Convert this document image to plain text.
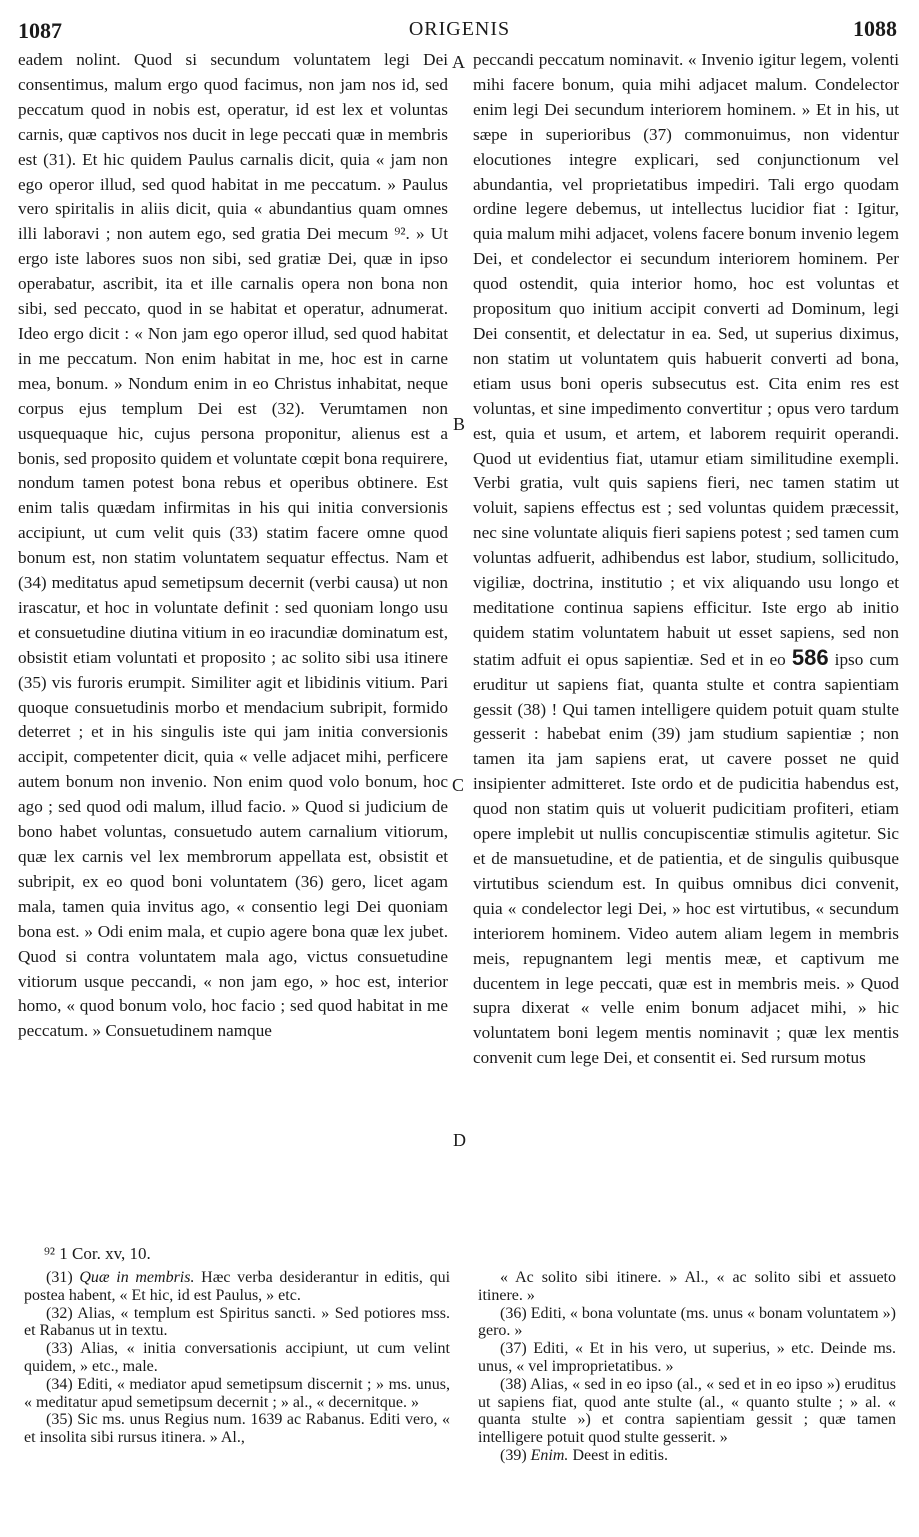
1087	ORIGENIS	1088

eadem nolint. Quod si secundum voluntatem legi Dei consentimus, malum ergo quod facimus, non jam nos id, sed peccatum quod in nobis est, operatur, id est lex et voluntas carnis, quæ captivos nos ducit in lege peccati quæ in membris est (31). Et hic quidem Paulus carnalis dicit, quia « jam non ego operor illud, sed quod habitat in me peccatum. » Paulus vero spiritalis in aliis dicit, quia « abundantius quam omnes illi laboravi ; non autem ego, sed gratia Dei mecum ⁹². » Ut ergo iste labores suos non sibi, sed gratiæ Dei, quæ in ipso operabatur, ascribit, ita et ille carnalis opera non bona non sibi, sed peccato, quod in se habitat et operatur, adnumerat. Ideo ergo dicit : « Non jam ego operor illud, sed quod habitat in me peccatum. Non enim habitat in me, hoc est in carne mea, bonum. » Nondum enim in eo Christus inhabitat, neque corpus ejus templum Dei est (32). Verumtamen non usquequaque hic, cujus persona proponitur, alienus est a bonis, sed proposito quidem et voluntate cœpit bona requirere, nondum tamen potest bona rebus et operibus obtinere. Est enim talis quædam infirmitas in his qui initia conversionis accipiunt, ut cum velit quis (33) statim facere omne quod bonum est, non statim voluntatem sequatur effectus. Nam et (34) meditatus apud semetipsum decernit (verbi causa) ut non irascatur, et hoc in voluntate definit : sed quoniam longo usu et consuetudine diutina vitium in eo iracundiæ dominatum est, obsistit etiam voluntati et proposito ; ac solito sibi usa itinere (35) vis furoris erumpit. Similiter agit et libidinis vitium. Pari quoque consuetudinis morbo et mendacium subripit, formido deterret ; et in his singulis iste qui jam initia conversionis accipit, competenter dicit, quia « velle adjacet mihi, perficere autem bonum non invenio. Non enim quod volo bonum, hoc ago ; sed quod odi malum, illud facio. » Quod si judicium de bono habet voluntas, consuetudo autem carnalium vitiorum, quæ lex carnis vel lex membrorum appellata est, obsistit et subripit, ex eo quod boni voluntatem (36) gero, licet agam mala, tamen quia invitus ago, « consentio legi Dei quoniam bona est. » Odi enim mala, et cupio agere bona quæ lex jubet. Quod si contra voluntatem mala ago, victus consuetudine vitiorum usque peccandi, « non jam ego, » hoc est, interior homo, « quod bonum volo, hoc facio ; sed quod habitat in me peccatum. » Consuetudinem namque

A
B
C
D

peccandi peccatum nominavit. « Invenio igitur legem, volenti mihi facere bonum, quia mihi adjacet malum. Condelector enim legi Dei secundum interiorem hominem. » Et in his, ut sæpe in superioribus (37) commonuimus, non videntur elocutiones integre explicari, sed conjunctionum vel abundantia, vel proprietatibus impediri. Tali ergo quodam ordine legere debemus, ut intellectus lucidior fiat : Igitur, quia malum mihi adjacet, volens facere bonum invenio legem Dei, et condelector ei secundum interiorem hominem. Per quod ostendit, quia interior homo, hoc est voluntas et propositum quo initium accipit converti ad Dominum, legi Dei consentit, et delectatur in ea. Sed, ut superius diximus, non statim ut voluntatem quis habuerit converti ad bona, etiam usus boni operis subsecutus est. Cita enim res est voluntas, et sine impedimento convertitur ; opus vero tardum est, quia et usum, et artem, et laborem requirit operandi. Quod ut evidentius fiat, utamur etiam similitudine exempli. Verbi gratia, vult quis sapiens fieri, nec tamen statim ut voluit, sapiens effectus est ; sed voluntas quidem præcessit, nec sine voluntate aliquis fieri sapiens potest ; sed tamen cum voluntas adfuerit, adhibendus est labor, studium, sollicitudo, vigiliæ, doctrina, institutio ; et vix aliquando usu longo et meditatione continua sapiens efficitur. Iste ergo ab initio quidem statim voluntatem habuit ut esset sapiens, sed non statim adfuit ei opus sapientiæ. Sed et in eo 586 ipso cum eruditur ut sapiens fiat, quanta stulte et contra sapientiam gessit (38) ! Qui tamen intelligere quidem potuit quam stulte gesserit : habebat enim (39) jam studium sapientiæ ; non tamen ita jam sapiens erat, ut cavere posset ne quid insipienter admitteret. Iste ordo et de pudicitia habendus est, quod non statim quis ut voluerit pudicitiam profiteri, etiam opere implebit ut nullis concupiscentiæ stimulis agitetur. Sic et de mansuetudine, et de patientia, et de singulis quibusque virtutibus sciendum est. In quibus omnibus dici convenit, quia « condelector legi Dei, » hoc est virtutibus, « secundum interiorem hominem. Video autem aliam legem in membris meis, repugnantem legi mentis meæ, et captivum me ducentem in lege peccati, quæ est in membris meis. » Quod supra dixerat « velle enim bonum adjacet mihi, » hic voluntatem boni legem mentis nominavit ; quæ lex mentis convenit cum lege Dei, et consentit ei. Sed rursum motus

⁹² 1 Cor. xv, 10.

(31) Quæ in membris. Hæc verba desiderantur in editis, qui postea habent, « Et hic, id est Paulus, » etc.

(32) Alias, « templum est Spiritus sancti. » Sed potiores mss. et Rabanus ut in textu.

(33) Alias, « initia conversationis accipiunt, ut cum velint quidem, » etc., male.

(34) Editi, « mediator apud semetipsum discernit ; » ms. unus, « meditatur apud semetipsum decernit ; » al., « decernitque. »

(35) Sic ms. unus Regius num. 1639 ac Rabanus. Editi vero, « et insolita sibi rursus itinera. » Al.,

« Ac solito sibi itinere. » Al., « ac solito sibi et assueto itinere. »

(36) Editi, « bona voluntate (ms. unus « bonam voluntatem ») gero. »

(37) Editi, « Et in his vero, ut superius, » etc. Deinde ms. unus, « vel improprietatibus. »

(38) Alias, « sed in eo ipso (al., « sed et in eo ipso ») eruditus ut sapiens fiat, quod ante stulte (al., « quanto stulte ; » al. « quanta stulte ») et contra sapientiam gessit ; quæ tamen intelligere potuit quod stulte gesserit. »

(39) Enim. Deest in editis.
